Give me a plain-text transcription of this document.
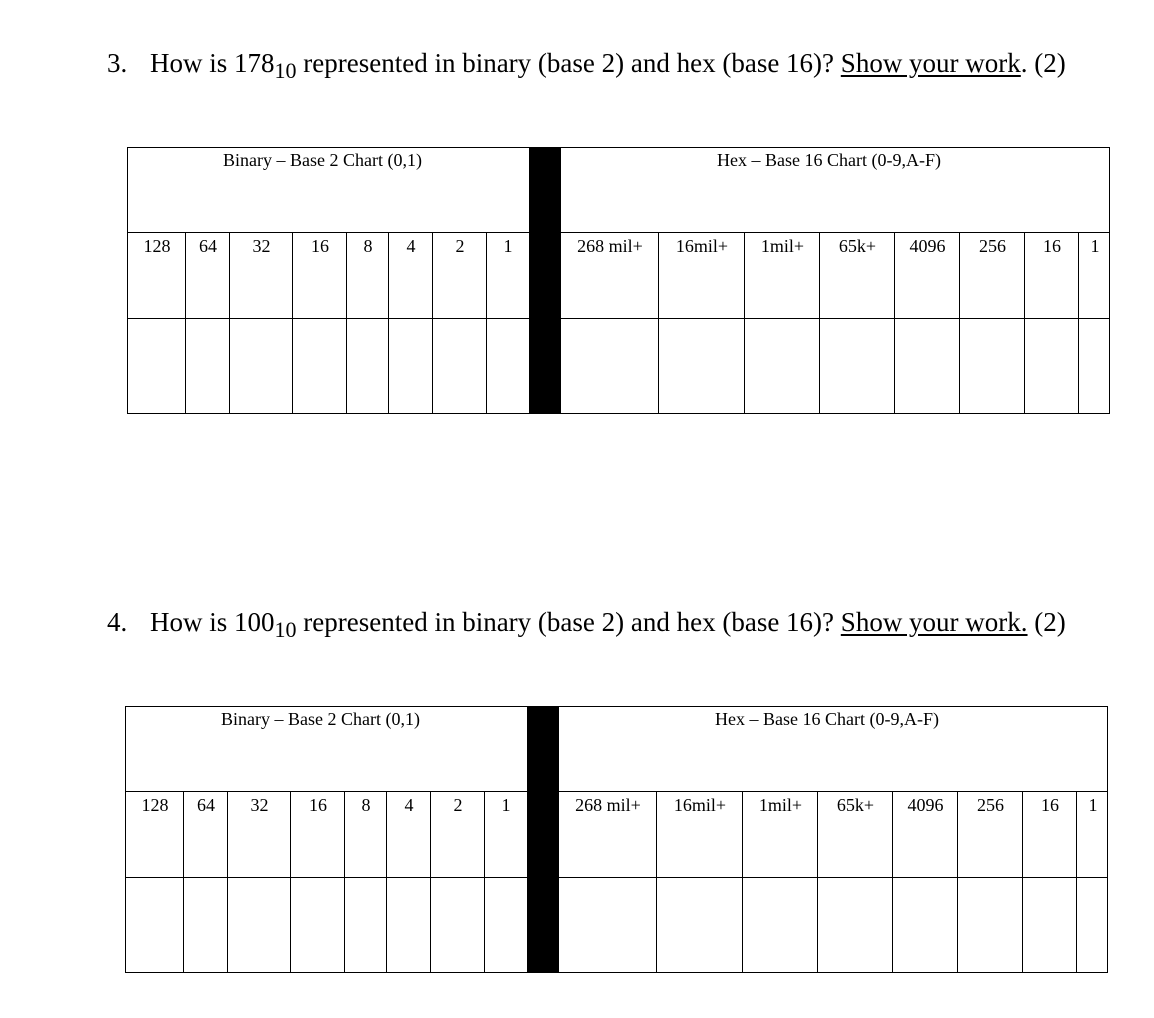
3. How is $178_{10}$ represented in binary (base 2) and hex (base 16)? Show your work. (2)
Binary – Base 2 Chart (0,1)	Hex – Base 16 Chart (0-9,A-F)
128	64	32	16	8	4	2	1	268 mil+	16mil+	1mil+	65k+	4096	256	16	1
4. How is $100_{10}$ represented in binary (base 2) and hex (base 16)? Show your work. (2)
Binary – Base 2 Chart (0,1)	Hex – Base 16 Chart (0-9,A-F)
128	64	32	16	8	4	2	1	268 mil+	16mil+	1mil+	65k+	4096	256	16	1
